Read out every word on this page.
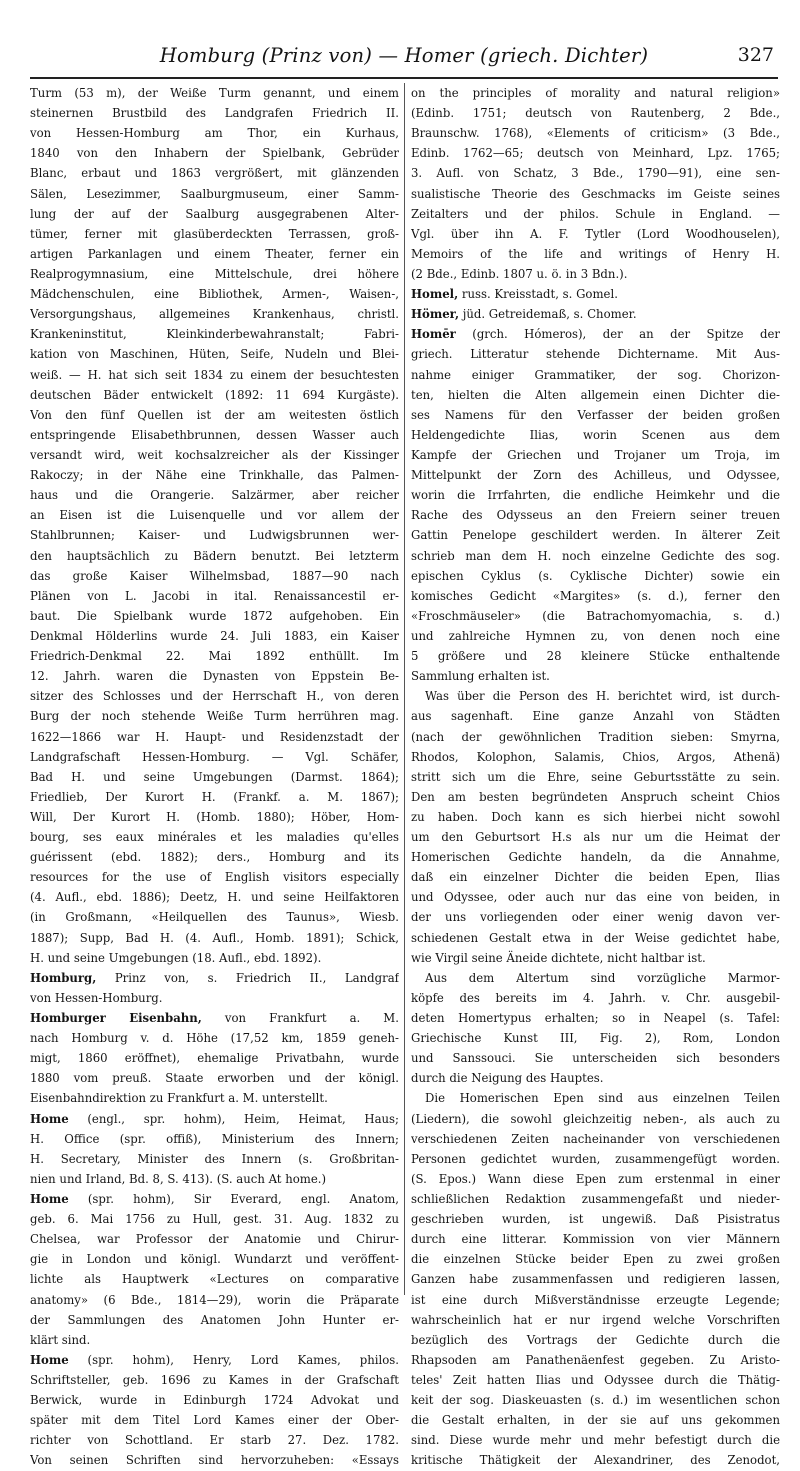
Homburg (Prinz von) — Homer (griech. Dichter)	327
Turm (53 m), der Weiße Turm genannt, und einem
steinernen Brustbild des Landgrafen Friedrich II.
von Hessen-Homburg am Thor, ein Kurhaus,
1840 von den Inhabern der Spielbank, Gebrüder
Blanc, erbaut und 1863 vergrößert, mit glänzenden
Sälen, Lesezimmer, Saalburgmuseum, einer Samm-
lung der auf der Saalburg ausgegrabenen Alter-
tümer, ferner mit glasüberdeckten Terrassen, groß-
artigen Parkanlagen und einem Theater, ferner ein
Realprogymnasium, eine Mittelschule, drei höhere
Mädchenschulen, eine Bibliothek, Armen-, Waisen-,
Versorgungshaus, allgemeines Krankenhaus, christl.
Krankeninstitut, Kleinkinderbewahranstalt; Fabri-
kation von Maschinen, Hüten, Seife, Nudeln und Blei-
weiß. — H. hat sich seit 1834 zu einem der besuchtesten
deutschen Bäder entwickelt (1892: 11 694 Kurgäste).
Von den fünf Quellen ist der am weitesten östlich
entspringende Elisabethbrunnen, dessen Wasser auch
versandt wird, weit kochsalzreicher als der Kissinger
Rakoczy; in der Nähe eine Trinkhalle, das Palmen-
haus und die Orangerie. Salzärmer, aber reicher
an Eisen ist die Luisenquelle und vor allem der
Stahlbrunnen; Kaiser- und Ludwigsbrunnen wer-
den hauptsächlich zu Bädern benutzt. Bei letzterm
das große Kaiser Wilhelmsbad, 1887—90 nach
Plänen von L. Jacobi in ital. Renaissancestil er-
baut. Die Spielbank wurde 1872 aufgehoben. Ein
Denkmal Hölderlins wurde 24. Juli 1883, ein Kaiser
Friedrich-Denkmal 22. Mai 1892 enthüllt. Im
12. Jahrh. waren die Dynasten von Eppstein Be-
sitzer des Schlosses und der Herrschaft H., von deren
Burg der noch stehende Weiße Turm herrühren mag.
1622—1866 war H. Haupt- und Residenzstadt der
Landgrafschaft Hessen-Homburg. — Vgl. Schäfer,
Bad H. und seine Umgebungen (Darmst. 1864);
Friedlieb, Der Kurort H. (Frankf. a. M. 1867);
Will, Der Kurort H. (Homb. 1880); Höber, Hom-
bourg, ses eaux minérales et les maladies qu'elles
guérissent (ebd. 1882); ders., Homburg and its
resources for the use of English visitors especially
(4. Aufl., ebd. 1886); Deetz, H. und seine Heilfaktoren
(in Großmann, «Heilquellen des Taunus», Wiesb.
1887); Supp, Bad H. (4. Aufl., Homb. 1891); Schick,
H. und seine Umgebungen (18. Aufl., ebd. 1892).
Homburg, Prinz von, s. Friedrich II., Landgraf
von Hessen-Homburg.
Homburger Eisenbahn, von Frankfurt a. M.
nach Homburg v. d. Höhe (17,52 km, 1859 geneh-
migt, 1860 eröffnet), ehemalige Privatbahn, wurde
1880 vom preuß. Staate erworben und der königl.
Eisenbahndirektion zu Frankfurt a. M. unterstellt.
Home (engl., spr. hohm), Heim, Heimat, Haus;
H. Office (spr. offiß), Ministerium des Innern;
H. Secretary, Minister des Innern (s. Großbritan-
nien und Irland, Bd. 8, S. 413). (S. auch At home.)
Home (spr. hohm), Sir Everard, engl. Anatom,
geb. 6. Mai 1756 zu Hull, gest. 31. Aug. 1832 zu
Chelsea, war Professor der Anatomie und Chirur-
gie in London und königl. Wundarzt und veröffent-
lichte als Hauptwerk «Lectures on comparative
anatomy» (6 Bde., 1814—29), worin die Präparate
der Sammlungen des Anatomen John Hunter er-
klärt sind.
Home (spr. hohm), Henry, Lord Kames, philos.
Schriftsteller, geb. 1696 zu Kames in der Grafschaft
Berwick, wurde in Edinburgh 1724 Advokat und
später mit dem Titel Lord Kames einer der Ober-
richter von Schottland. Er starb 27. Dez. 1782.
Von seinen Schriften sind hervorzuheben: «Essays
on the principles of morality and natural religion»
(Edinb. 1751; deutsch von Rautenberg, 2 Bde.,
Braunschw. 1768), «Elements of criticism» (3 Bde.,
Edinb. 1762—65; deutsch von Meinhard, Lpz. 1765;
3. Aufl. von Schatz, 3 Bde., 1790—91), eine sen-
sualistische Theorie des Geschmacks im Geiste seines
Zeitalters und der philos. Schule in England. —
Vgl. über ihn A. F. Tytler (Lord Woodhouselen),
Memoirs of the life and writings of Henry H.
(2 Bde., Edinb. 1807 u. ö. in 3 Bdn.).
Homel, russ. Kreisstadt, s. Gomel.
Hömer, jüd. Getreidemaß, s. Chomer.
Homēr (grch. Hómeros), der an der Spitze der
griech. Litteratur stehende Dichtername. Mit Aus-
nahme einiger Grammatiker, der sog. Chorizon-
ten, hielten die Alten allgemein einen Dichter die-
ses Namens für den Verfasser der beiden großen
Heldengedichte Ilias, worin Scenen aus dem
Kampfe der Griechen und Trojaner um Troja, im
Mittelpunkt der Zorn des Achilleus, und Odyssee,
worin die Irrfahrten, die endliche Heimkehr und die
Rache des Odysseus an den Freiern seiner treuen
Gattin Penelope geschildert werden. In älterer Zeit
schrieb man dem H. noch einzelne Gedichte des sog.
epischen Cyklus (s. Cyklische Dichter) sowie ein
komisches Gedicht «Margites» (s. d.), ferner den
«Froschmäuseler» (die Batrachomyomachia, s. d.)
und zahlreiche Hymnen zu, von denen noch eine
5 größere und 28 kleinere Stücke enthaltende
Sammlung erhalten ist.
Was über die Person des H. berichtet wird, ist durch-
aus sagenhaft. Eine ganze Anzahl von Städten
(nach der gewöhnlichen Tradition sieben: Smyrna,
Rhodos, Kolophon, Salamis, Chios, Argos, Athenä)
stritt sich um die Ehre, seine Geburtsstätte zu sein.
Den am besten begründeten Anspruch scheint Chios
zu haben. Doch kann es sich hierbei nicht sowohl
um den Geburtsort H.s als nur um die Heimat der
Homerischen Gedichte handeln, da die Annahme,
daß ein einzelner Dichter die beiden Epen, Ilias
und Odyssee, oder auch nur das eine von beiden, in
der uns vorliegenden oder einer wenig davon ver-
schiedenen Gestalt etwa in der Weise gedichtet habe,
wie Virgil seine Äneide dichtete, nicht haltbar ist.
Aus dem Altertum sind vorzügliche Marmor-
köpfe des bereits im 4. Jahrh. v. Chr. ausgebil-
deten Homertypus erhalten; so in Neapel (s. Tafel:
Griechische Kunst III, Fig. 2), Rom, London
und Sanssouci. Sie unterscheiden sich besonders
durch die Neigung des Hauptes.
Die Homerischen Epen sind aus einzelnen Teilen
(Liedern), die sowohl gleichzeitig neben-, als auch zu
verschiedenen Zeiten nacheinander von verschiedenen
Personen gedichtet wurden, zusammengefügt worden.
(S. Epos.) Wann diese Epen zum erstenmal in einer
schließlichen Redaktion zusammengefaßt und nieder-
geschrieben wurden, ist ungewiß. Daß Pisistratus
durch eine litterar. Kommission von vier Männern
die einzelnen Stücke beider Epen zu zwei großen
Ganzen habe zusammenfassen und redigieren lassen,
ist eine durch Mißverständnisse erzeugte Legende;
wahrscheinlich hat er nur irgend welche Vorschriften
bezüglich des Vortrags der Gedichte durch die
Rhapsoden am Panathenäenfest gegeben. Zu Aristo-
teles' Zeit hatten Ilias und Odyssee durch die Thätig-
keit der sog. Diaskeuasten (s. d.) im wesentlichen schon
die Gestalt erhalten, in der sie auf uns gekommen
sind. Diese wurde mehr und mehr befestigt durch die
kritische Thätigkeit der Alexandriner, des Zenodot,
